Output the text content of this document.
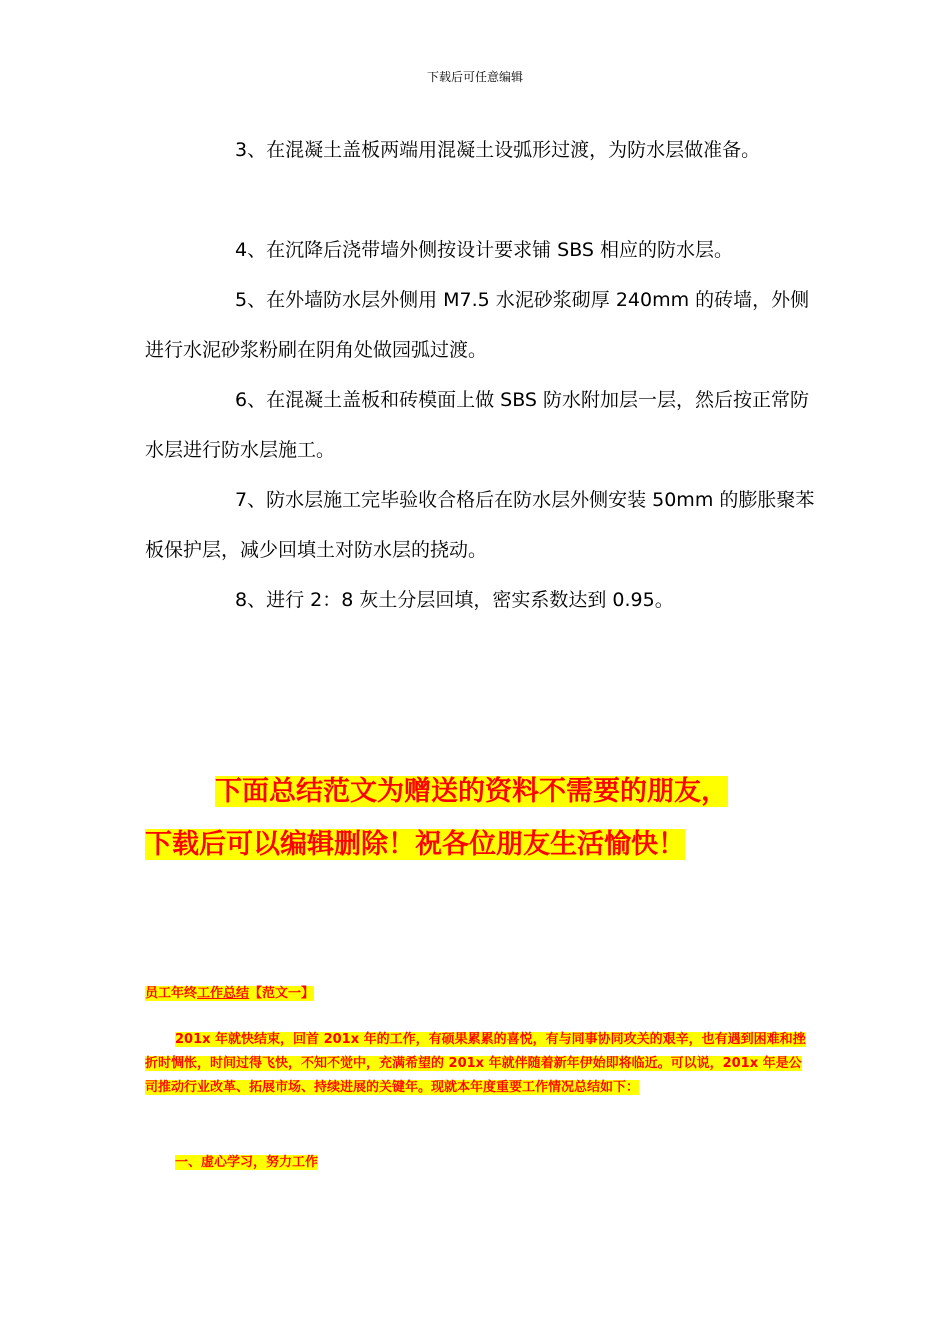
下载后可任意编辑

3、在混凝土盖板两端用混凝土设弧形过渡，为防水层做准备。

4、在沉降后浇带墙外侧按设计要求铺 SBS 相应的防水层。

5、在外墙防水层外侧用 M7.5 水泥砂浆砌厚 240mm 的砖墙，外侧进行水泥砂浆粉刷在阴角处做园弧过渡。

6、在混凝土盖板和砖模面上做 SBS 防水附加层一层，然后按正常防水层进行防水层施工。

7、防水层施工完毕验收合格后在防水层外侧安装 50mm 的膨胀聚苯板保护层，减少回填土对防水层的挠动。

8、进行 2：8 灰土分层回填，密实系数达到 0.95。

下面总结范文为赠送的资料不需要的朋友，
下载后可以编辑删除！祝各位朋友生活愉快！
员工年终工作总结【范文一】
201x 年就快结束，回首 201x 年的工作，有硕果累累的喜悦，有与同事协同攻关的艰辛，也有遇到困难和挫折时惆怅，时间过得飞快，不知不觉中，充满希望的 201x 年就伴随着新年伊始即将临近。可以说，201x 年是公司推动行业改革、拓展市场、持续进展的关键年。现就本年度重要工作情况总结如下：
一、虚心学习，努力工作
